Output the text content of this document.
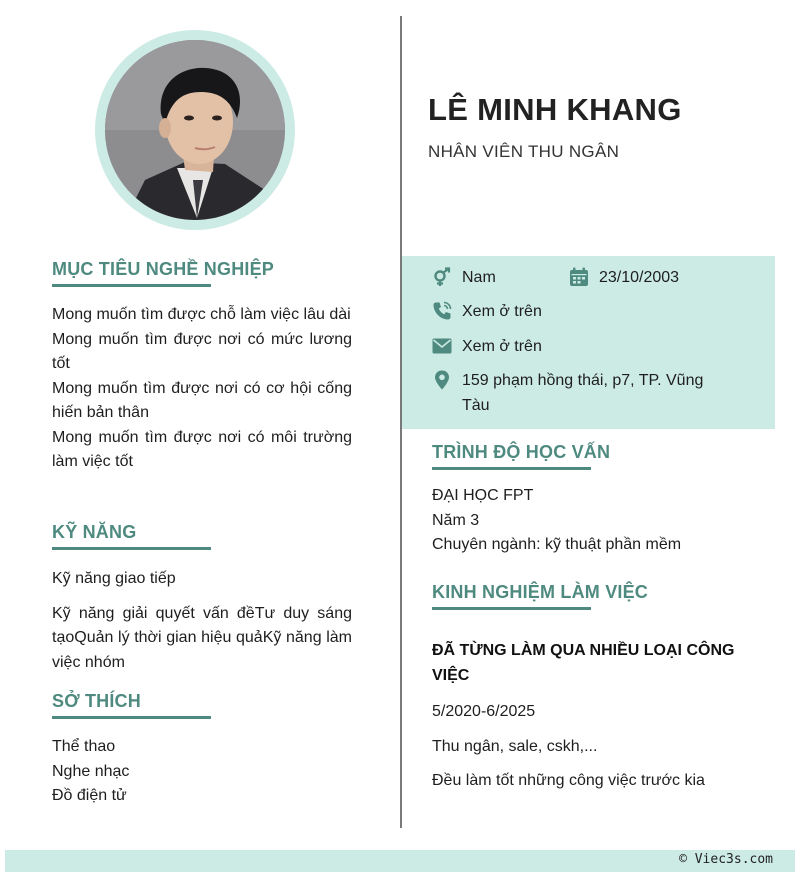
MỤC TIÊU NGHỀ NGHIỆP
Mong muốn tìm được chỗ làm việc lâu dài
Mong muốn tìm được nơi có mức lương tốt
Mong muốn tìm được nơi có cơ hội cống hiến bản thân
Mong muốn tìm được nơi có môi trường làm việc tốt
KỸ NĂNG
Kỹ năng giao tiếp
Kỹ năng giải quyết vấn đềTư duy sáng tạoQuản lý thời gian hiệu quảKỹ năng làm việc nhóm
SỞ THÍCH
Thể thao
Nghe nhạc
Đồ điện tử
LÊ MINH KHANG
NHÂN VIÊN THU NGÂN
Nam	23/10/2003
Xem ở trên
Xem ở trên
159 phạm hồng thái, p7, TP. Vũng
Tàu
TRÌNH ĐỘ HỌC VẤN
ĐẠI HỌC FPT
Năm 3
Chuyên ngành: kỹ thuật phần mềm
KINH NGHIỆM LÀM VIỆC
ĐÃ TỪNG LÀM QUA NHIỀU LOẠI CÔNG VIỆC
5/2020-6/2025
Thu ngân, sale, cskh,...
Đều làm tốt những công việc trước kia
© Viec3s.com
